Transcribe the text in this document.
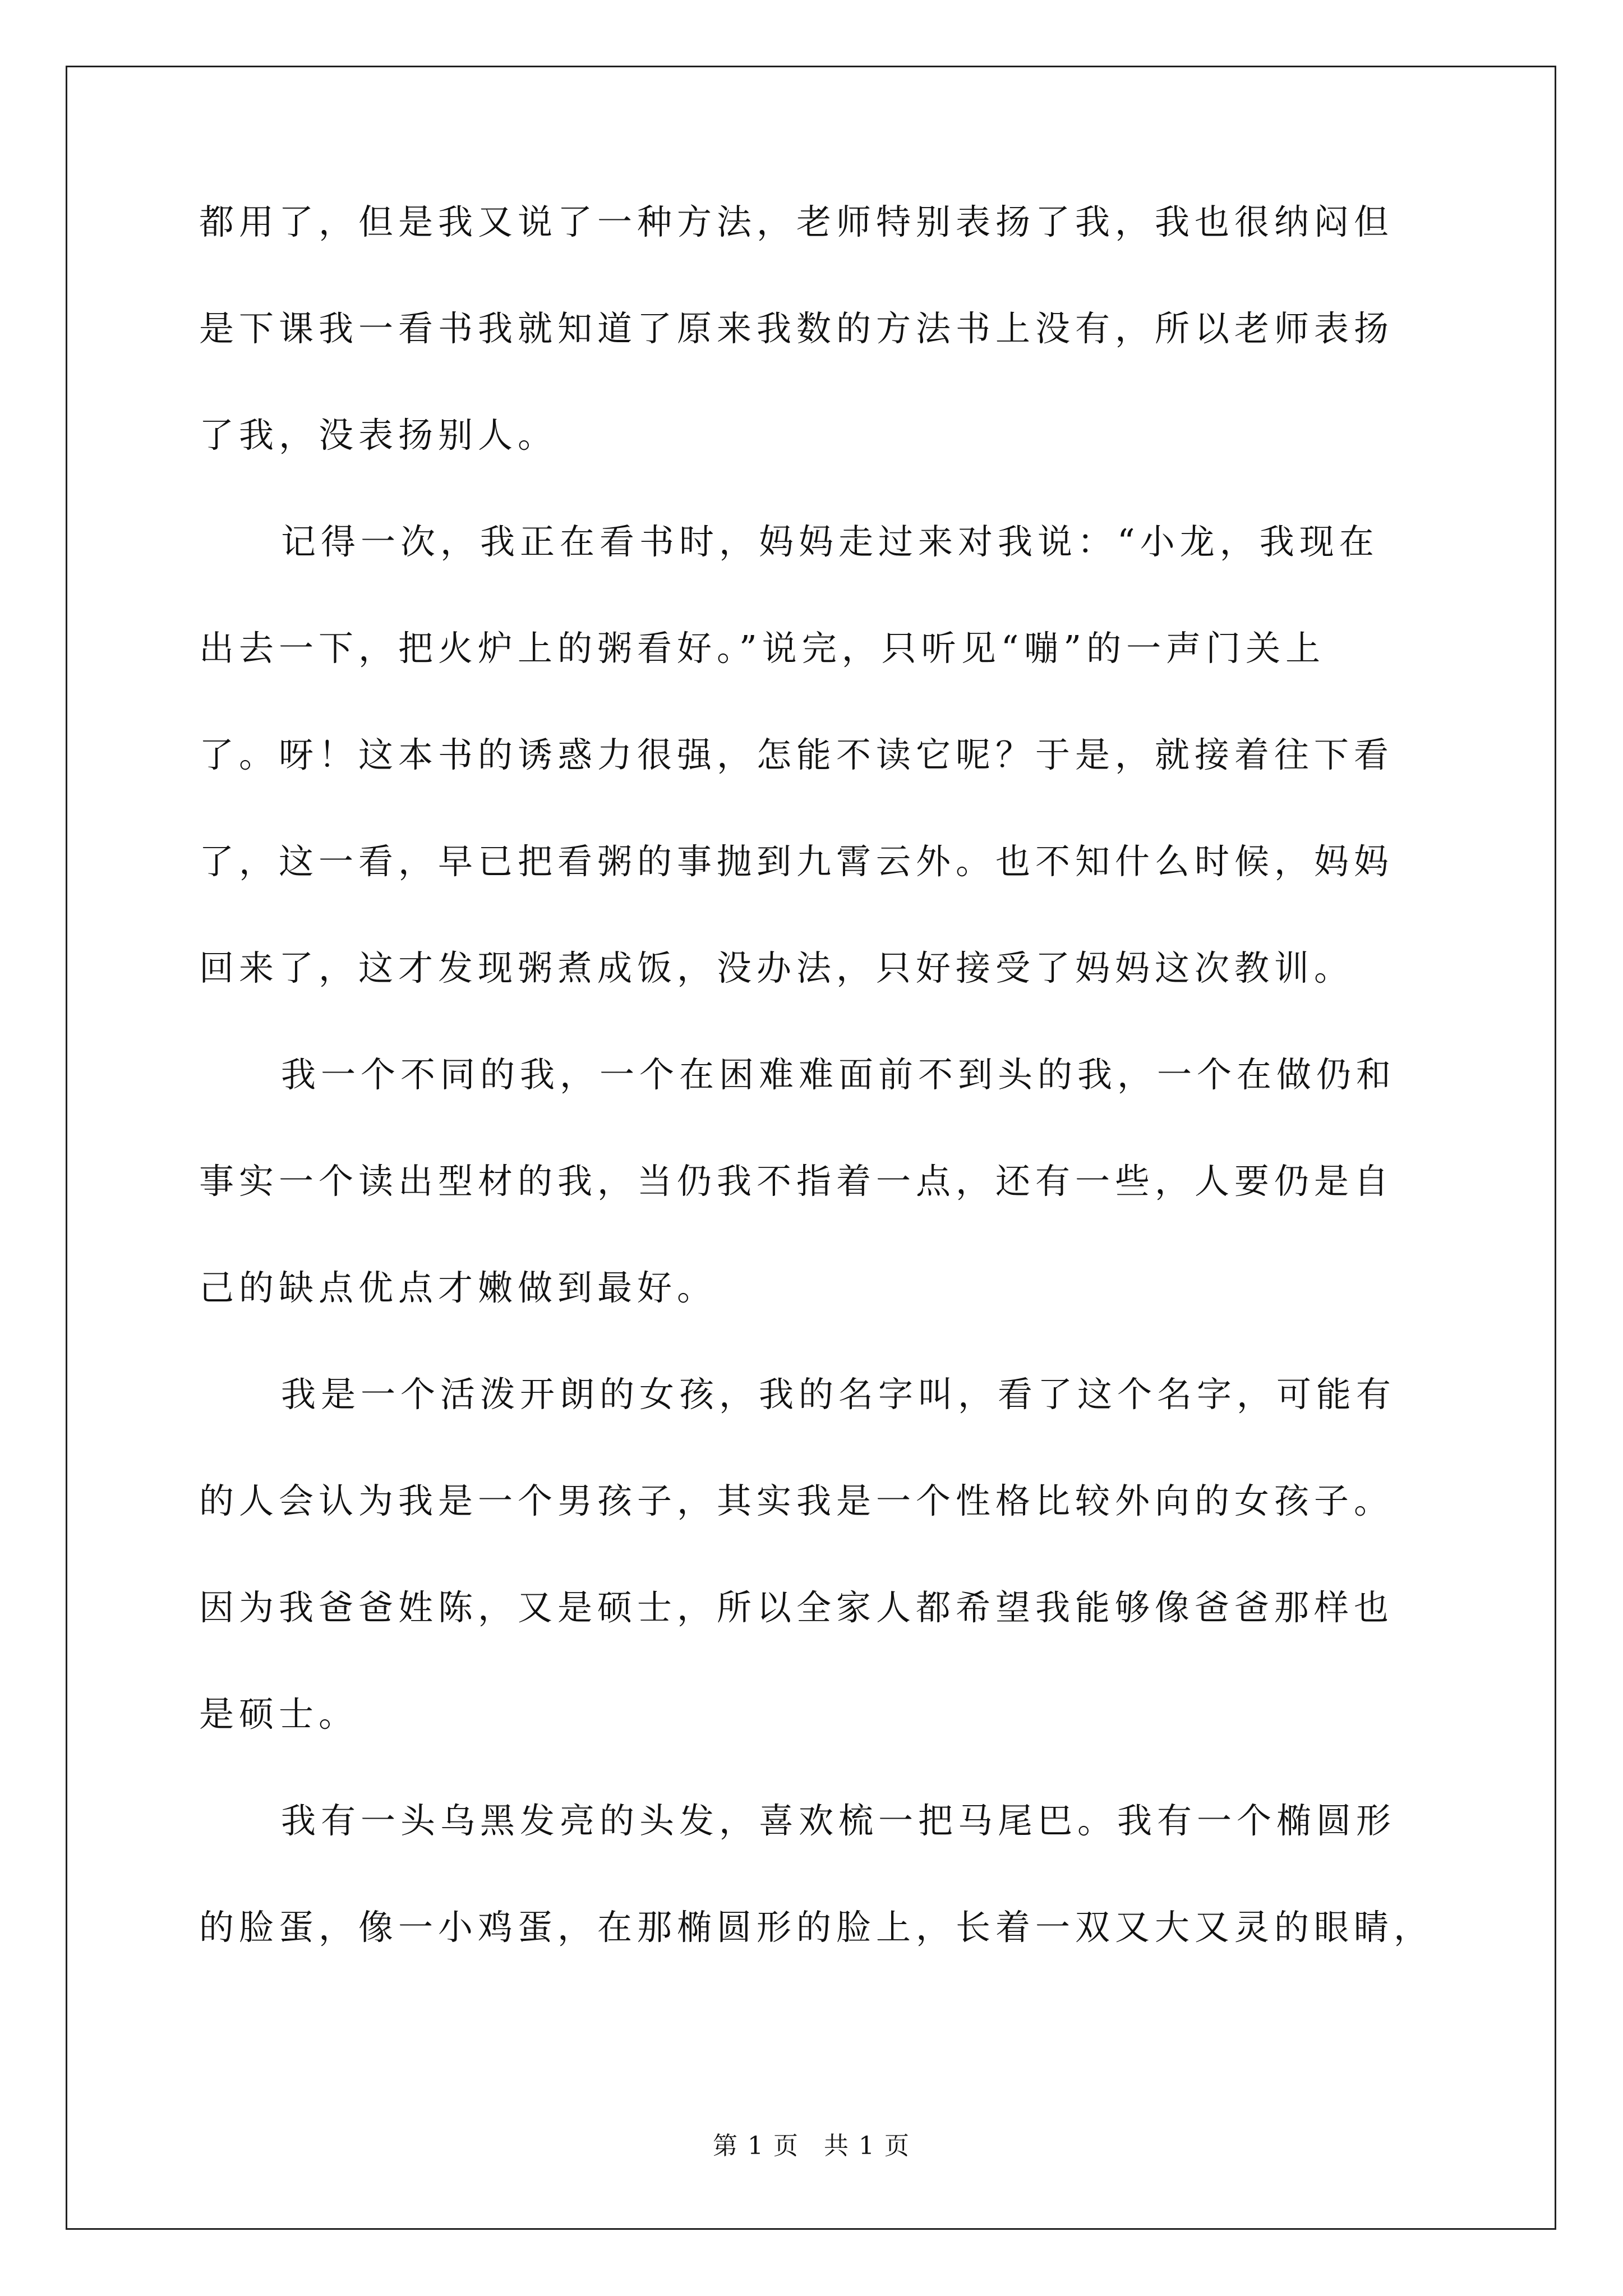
都用了，但是我又说了一种方法，老师特别表扬了我，我也很纳闷但
是下课我一看书我就知道了原来我数的方法书上没有，所以老师表扬
了我，没表扬别人。
记得一次，我正在看书时，妈妈走过来对我说：“小龙，我现在
出去一下，把火炉上的粥看好。”说完，只听见“嘣”的一声门关上
了。呀！这本书的诱惑力很强，怎能不读它呢？于是，就接着往下看
了，这一看，早已把看粥的事抛到九霄云外。也不知什么时候，妈妈
回来了，这才发现粥煮成饭，没办法，只好接受了妈妈这次教训。
我一个不同的我，一个在困难难面前不到头的我，一个在做仍和
事实一个读出型材的我，当仍我不指着一点，还有一些，人要仍是自
己的缺点优点才嫩做到最好。
我是一个活泼开朗的女孩，我的名字叫，看了这个名字，可能有
的人会认为我是一个男孩子，其实我是一个性格比较外向的女孩子。
因为我爸爸姓陈，又是硕士，所以全家人都希望我能够像爸爸那样也
是硕士。
我有一头乌黑发亮的头发，喜欢梳一把马尾巴。我有一个椭圆形
的脸蛋，像一小鸡蛋，在那椭圆形的脸上，长着一双又大又灵的眼睛，
第 1 页 共 1 页
